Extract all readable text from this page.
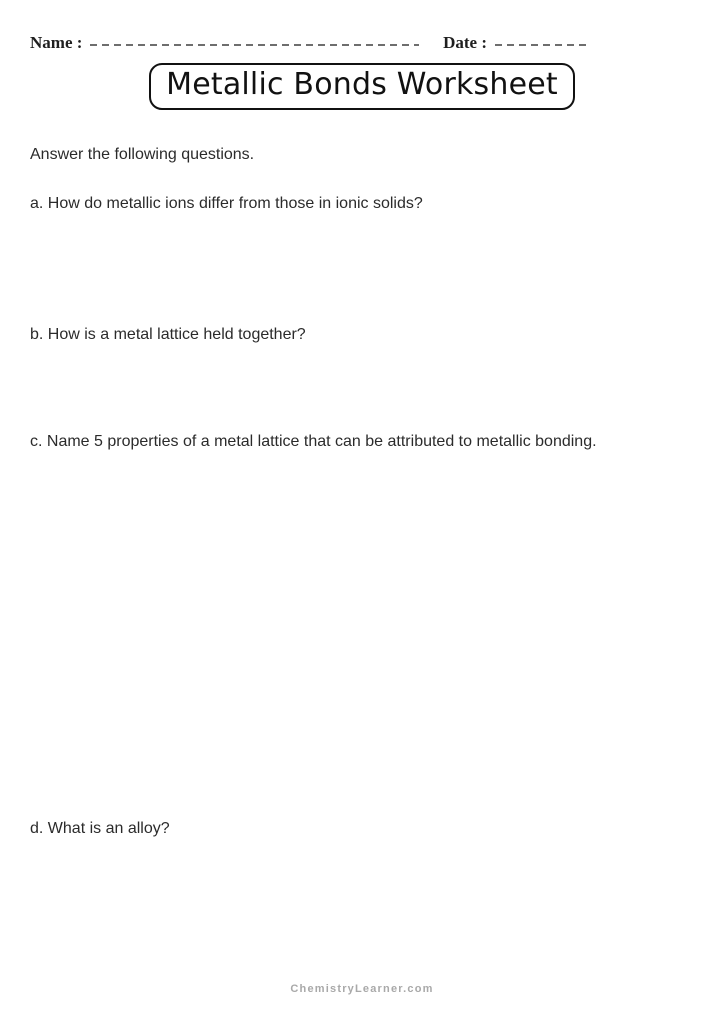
Name :	Date :
Metallic Bonds Worksheet
Answer the following questions.
a. How do metallic ions differ from those in ionic solids?
b. How is a metal lattice held together?
c. Name 5 properties of a metal lattice that can be attributed to metallic bonding.
d. What is an alloy?
ChemistryLearner.com
